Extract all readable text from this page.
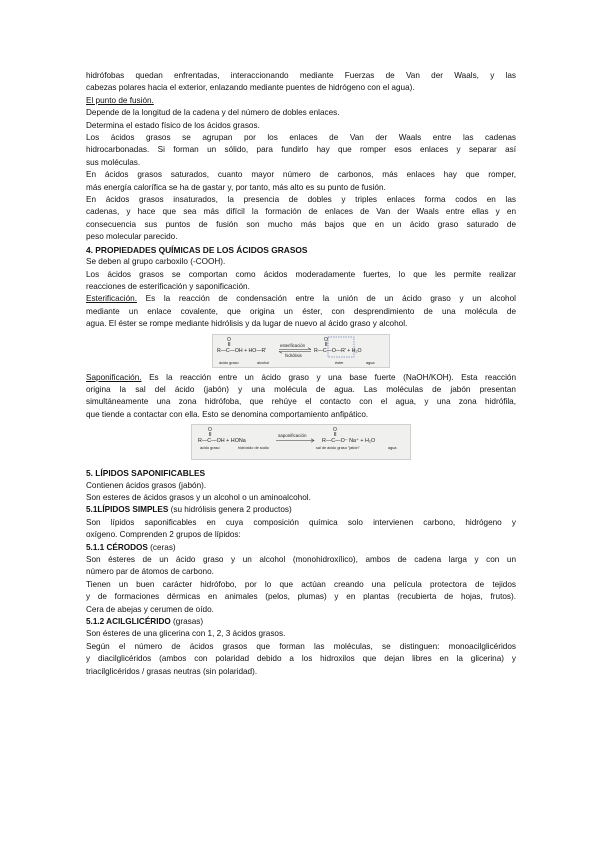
hidrófobas quedan enfrentadas, interaccionando mediante Fuerzas de Van der Waals, y las

cabezas polares hacia el exterior, enlazando mediante puentes de hidrógeno con el agua).

El punto de fusión.

Depende de la longitud de la cadena y del número de dobles enlaces.

Determina el estado físico de los ácidos grasos.

Los ácidos grasos se agrupan por los enlaces de Van der Waals entre las cadenas

hidrocarbonadas. Si forman un sólido, para fundirlo hay que romper esos enlaces y separar así

sus moléculas.

En ácidos grasos saturados, cuanto mayor número de carbonos, más enlaces hay que romper,

más energía calorífica se ha de gastar y, por tanto, más alto es su punto de fusión.

En ácidos grasos insaturados, la presencia de dobles y triples enlaces forma codos en las

cadenas, y hace que sea más difícil la formación de enlaces de Van der Waals entre ellas y en

consecuencia sus puntos de fusión son mucho más bajos que en un ácido graso saturado de

peso molecular parecido.

4. PROPIEDADES QUÍMICAS DE LOS ÁCIDOS GRASOS

Se deben al grupo carboxilo (-COOH).

Los ácidos grasos se comportan como ácidos moderadamente fuertes, lo que les permite realizar

reacciones de esterificación y saponificación.

Esterificación. Es la reacción de condensación entre la unión de un ácido graso y un alcohol

mediante un enlace covalente, que origina un éster, con desprendimiento de una molécula de

agua. El éster se rompe mediante hidrólisis y da lugar de nuevo al ácido graso y alcohol.

O
R—C—OH + HO—R'
esterificación
hidrólisis
O
R—C—O—R' + H₂O
ácido graso	alcohol	éster	agua

Saponificación. Es la reacción entre un ácido graso y una base fuerte (NaOH/KOH). Esta reacción

origina la sal del ácido (jabón) y una molécula de agua. Las moléculas de jabón presentan

simultáneamente una zona hidrófoba, que rehúye el contacto con el agua, y una zona hidrófila,

que tiende a contactar con ella. Esto se denomina comportamiento anfipático.

O
R—C—OH + HONa
saponificación
O
R—C—O⁻ Na⁺ + H₂O
ácido graso	hidróxido de sodio	sal de ácido graso "jabón"	agua

5. LÍPIDOS SAPONIFICABLES

Contienen ácidos grasos (jabón).

Son esteres de ácidos grasos y un alcohol o un aminoalcohol.

5.1LÍPIDOS SIMPLES (su hidrólisis genera 2 productos)

Son lípidos saponificables en cuya composición química solo intervienen carbono, hidrógeno y

oxígeno. Comprenden 2 grupos de lípidos:

5.1.1 CÉRODOS (ceras)

Son ésteres de un ácido graso y un alcohol (monohidroxílico), ambos de cadena larga y con un

número par de átomos de carbono.

Tienen un buen carácter hidrófobo, por lo que actúan creando una película protectora de tejidos

y de formaciones dérmicas en animales (pelos, plumas) y en plantas (recubierta de hojas, frutos).

Cera de abejas y cerumen de oído.

5.1.2 ACILGLICÉRIDO (grasas)

Son ésteres de una glicerina con 1, 2, 3 ácidos grasos.

Según el número de ácidos grasos que forman las moléculas, se distinguen: monoacilglicéridos

y diacilglicéridos (ambos con polaridad debido a los hidroxilos que dejan libres en la glicerina) y

triacilglicéridos / grasas neutras (sin polaridad).
